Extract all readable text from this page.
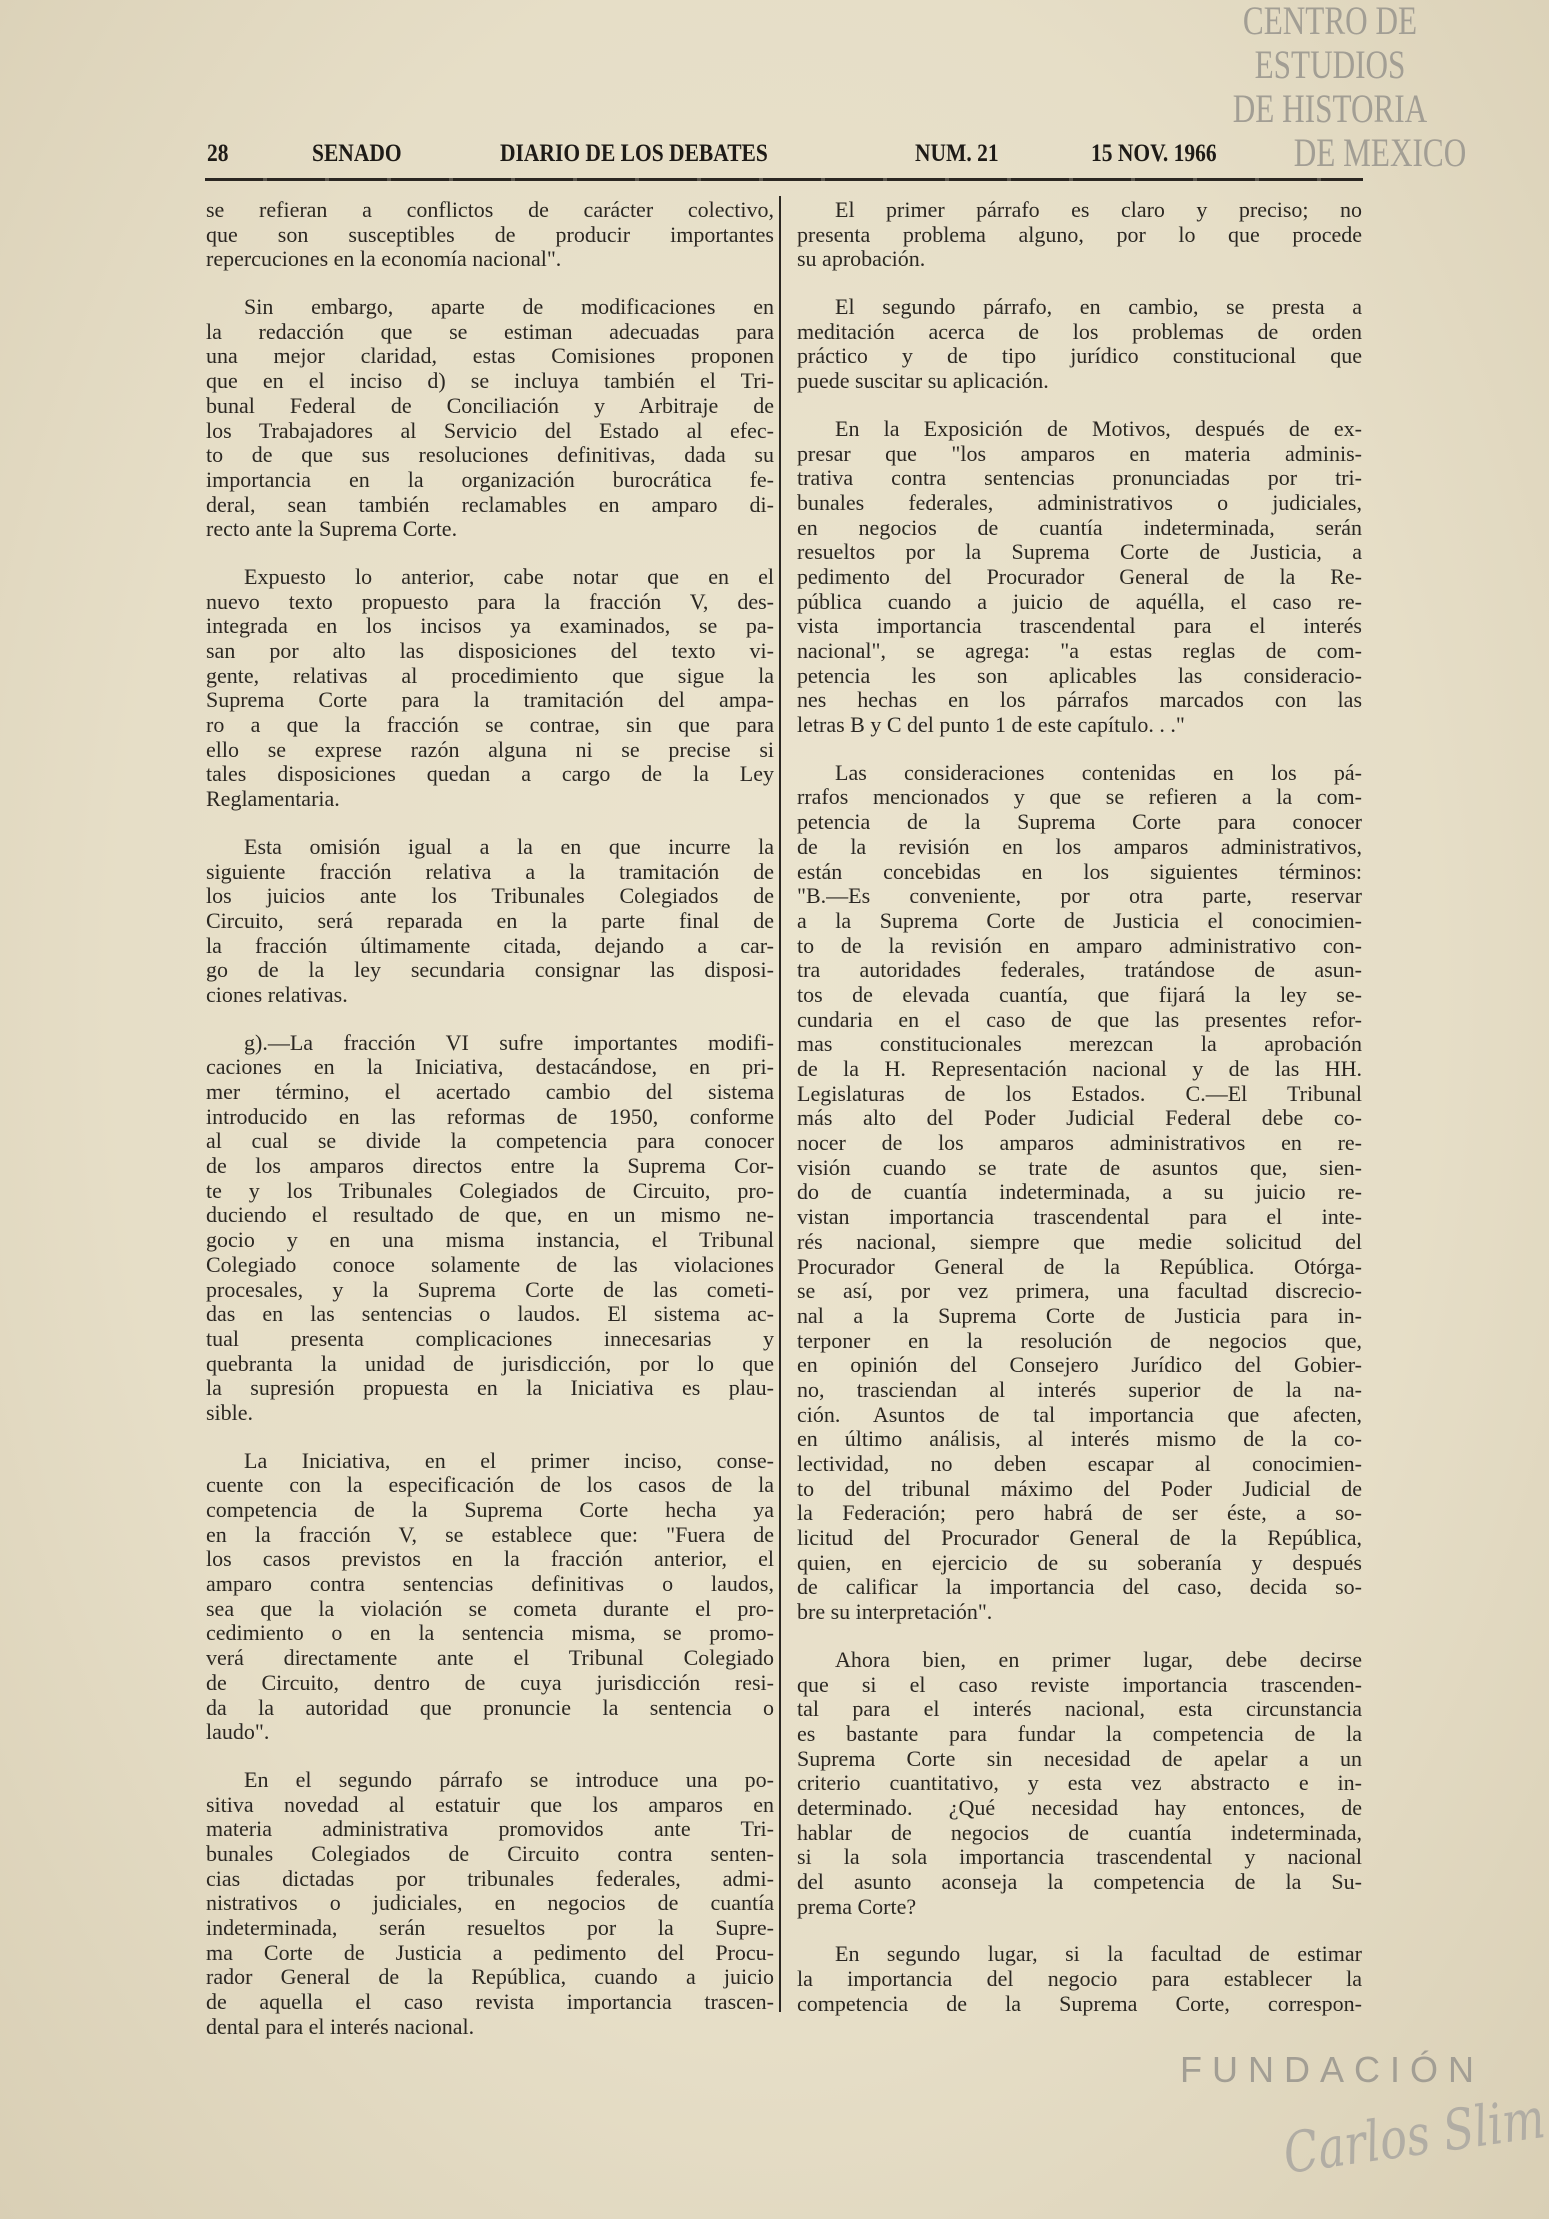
CENTRO DE
ESTUDIOS
DE HISTORIA
DE MEXICO
FUNDACIÓN
Carlos Slim
28	SENADO	DIARIO DE LOS DEBATES	NUM. 21	15 NOV. 1966
se refieran a conflictos de carácter colectivo,
que son susceptibles de producir importantes
repercuciones en la economía nacional".
Sin embargo, aparte de modificaciones en
la redacción que se estiman adecuadas para
una mejor claridad, estas Comisiones proponen
que en el inciso d) se incluya también el Tri-
bunal Federal de Conciliación y Arbitraje de
los Trabajadores al Servicio del Estado al efec-
to de que sus resoluciones definitivas, dada su
importancia en la organización burocrática fe-
deral, sean también reclamables en amparo di-
recto ante la Suprema Corte.
Expuesto lo anterior, cabe notar que en el
nuevo texto propuesto para la fracción V, des-
integrada en los incisos ya examinados, se pa-
san por alto las disposiciones del texto vi-
gente, relativas al procedimiento que sigue la
Suprema Corte para la tramitación del ampa-
ro a que la fracción se contrae, sin que para
ello se exprese razón alguna ni se precise si
tales disposiciones quedan a cargo de la Ley
Reglamentaria.
Esta omisión igual a la en que incurre la
siguiente fracción relativa a la tramitación de
los juicios ante los Tribunales Colegiados de
Circuito, será reparada en la parte final de
la fracción últimamente citada, dejando a car-
go de la ley secundaria consignar las disposi-
ciones relativas.
g).—La fracción VI sufre importantes modifi-
caciones en la Iniciativa, destacándose, en pri-
mer término, el acertado cambio del sistema
introducido en las reformas de 1950, conforme
al cual se divide la competencia para conocer
de los amparos directos entre la Suprema Cor-
te y los Tribunales Colegiados de Circuito, pro-
duciendo el resultado de que, en un mismo ne-
gocio y en una misma instancia, el Tribunal
Colegiado conoce solamente de las violaciones
procesales, y la Suprema Corte de las cometi-
das en las sentencias o laudos. El sistema ac-
tual presenta complicaciones innecesarias y
quebranta la unidad de jurisdicción, por lo que
la supresión propuesta en la Iniciativa es plau-
sible.
La Iniciativa, en el primer inciso, conse-
cuente con la especificación de los casos de la
competencia de la Suprema Corte hecha ya
en la fracción V, se establece que: "Fuera de
los casos previstos en la fracción anterior, el
amparo contra sentencias definitivas o laudos,
sea que la violación se cometa durante el pro-
cedimiento o en la sentencia misma, se promo-
verá directamente ante el Tribunal Colegiado
de Circuito, dentro de cuya jurisdicción resi-
da la autoridad que pronuncie la sentencia o
laudo".
En el segundo párrafo se introduce una po-
sitiva novedad al estatuir que los amparos en
materia administrativa promovidos ante Tri-
bunales Colegiados de Circuito contra senten-
cias dictadas por tribunales federales, admi-
nistrativos o judiciales, en negocios de cuantía
indeterminada, serán resueltos por la Supre-
ma Corte de Justicia a pedimento del Procu-
rador General de la República, cuando a juicio
de aquella el caso revista importancia trascen-
dental para el interés nacional.
El primer párrafo es claro y preciso; no
presenta problema alguno, por lo que procede
su aprobación.
El segundo párrafo, en cambio, se presta a
meditación acerca de los problemas de orden
práctico y de tipo jurídico constitucional que
puede suscitar su aplicación.
En la Exposición de Motivos, después de ex-
presar que "los amparos en materia adminis-
trativa contra sentencias pronunciadas por tri-
bunales federales, administrativos o judiciales,
en negocios de cuantía indeterminada, serán
resueltos por la Suprema Corte de Justicia, a
pedimento del Procurador General de la Re-
pública cuando a juicio de aquélla, el caso re-
vista importancia trascendental para el interés
nacional", se agrega: "a estas reglas de com-
petencia les son aplicables las consideracio-
nes hechas en los párrafos marcados con las
letras B y C del punto 1 de este capítulo. . ."
Las consideraciones contenidas en los pá-
rrafos mencionados y que se refieren a la com-
petencia de la Suprema Corte para conocer
de la revisión en los amparos administrativos,
están concebidas en los siguientes términos:
"B.—Es conveniente, por otra parte, reservar
a la Suprema Corte de Justicia el conocimien-
to de la revisión en amparo administrativo con-
tra autoridades federales, tratándose de asun-
tos de elevada cuantía, que fijará la ley se-
cundaria en el caso de que las presentes refor-
mas constitucionales merezcan la aprobación
de la H. Representación nacional y de las HH.
Legislaturas de los Estados. C.—El Tribunal
más alto del Poder Judicial Federal debe co-
nocer de los amparos administrativos en re-
visión cuando se trate de asuntos que, sien-
do de cuantía indeterminada, a su juicio re-
vistan importancia trascendental para el inte-
rés nacional, siempre que medie solicitud del
Procurador General de la República. Otórga-
se así, por vez primera, una facultad discrecio-
nal a la Suprema Corte de Justicia para in-
terponer en la resolución de negocios que,
en opinión del Consejero Jurídico del Gobier-
no, trasciendan al interés superior de la na-
ción. Asuntos de tal importancia que afecten,
en último análisis, al interés mismo de la co-
lectividad, no deben escapar al conocimien-
to del tribunal máximo del Poder Judicial de
la Federación; pero habrá de ser éste, a so-
licitud del Procurador General de la República,
quien, en ejercicio de su soberanía y después
de calificar la importancia del caso, decida so-
bre su interpretación".
Ahora bien, en primer lugar, debe decirse
que si el caso reviste importancia trascenden-
tal para el interés nacional, esta circunstancia
es bastante para fundar la competencia de la
Suprema Corte sin necesidad de apelar a un
criterio cuantitativo, y esta vez abstracto e in-
determinado. ¿Qué necesidad hay entonces, de
hablar de negocios de cuantía indeterminada,
si la sola importancia trascendental y nacional
del asunto aconseja la competencia de la Su-
prema Corte?
En segundo lugar, si la facultad de estimar
la importancia del negocio para establecer la
competencia de la Suprema Corte, correspon-
